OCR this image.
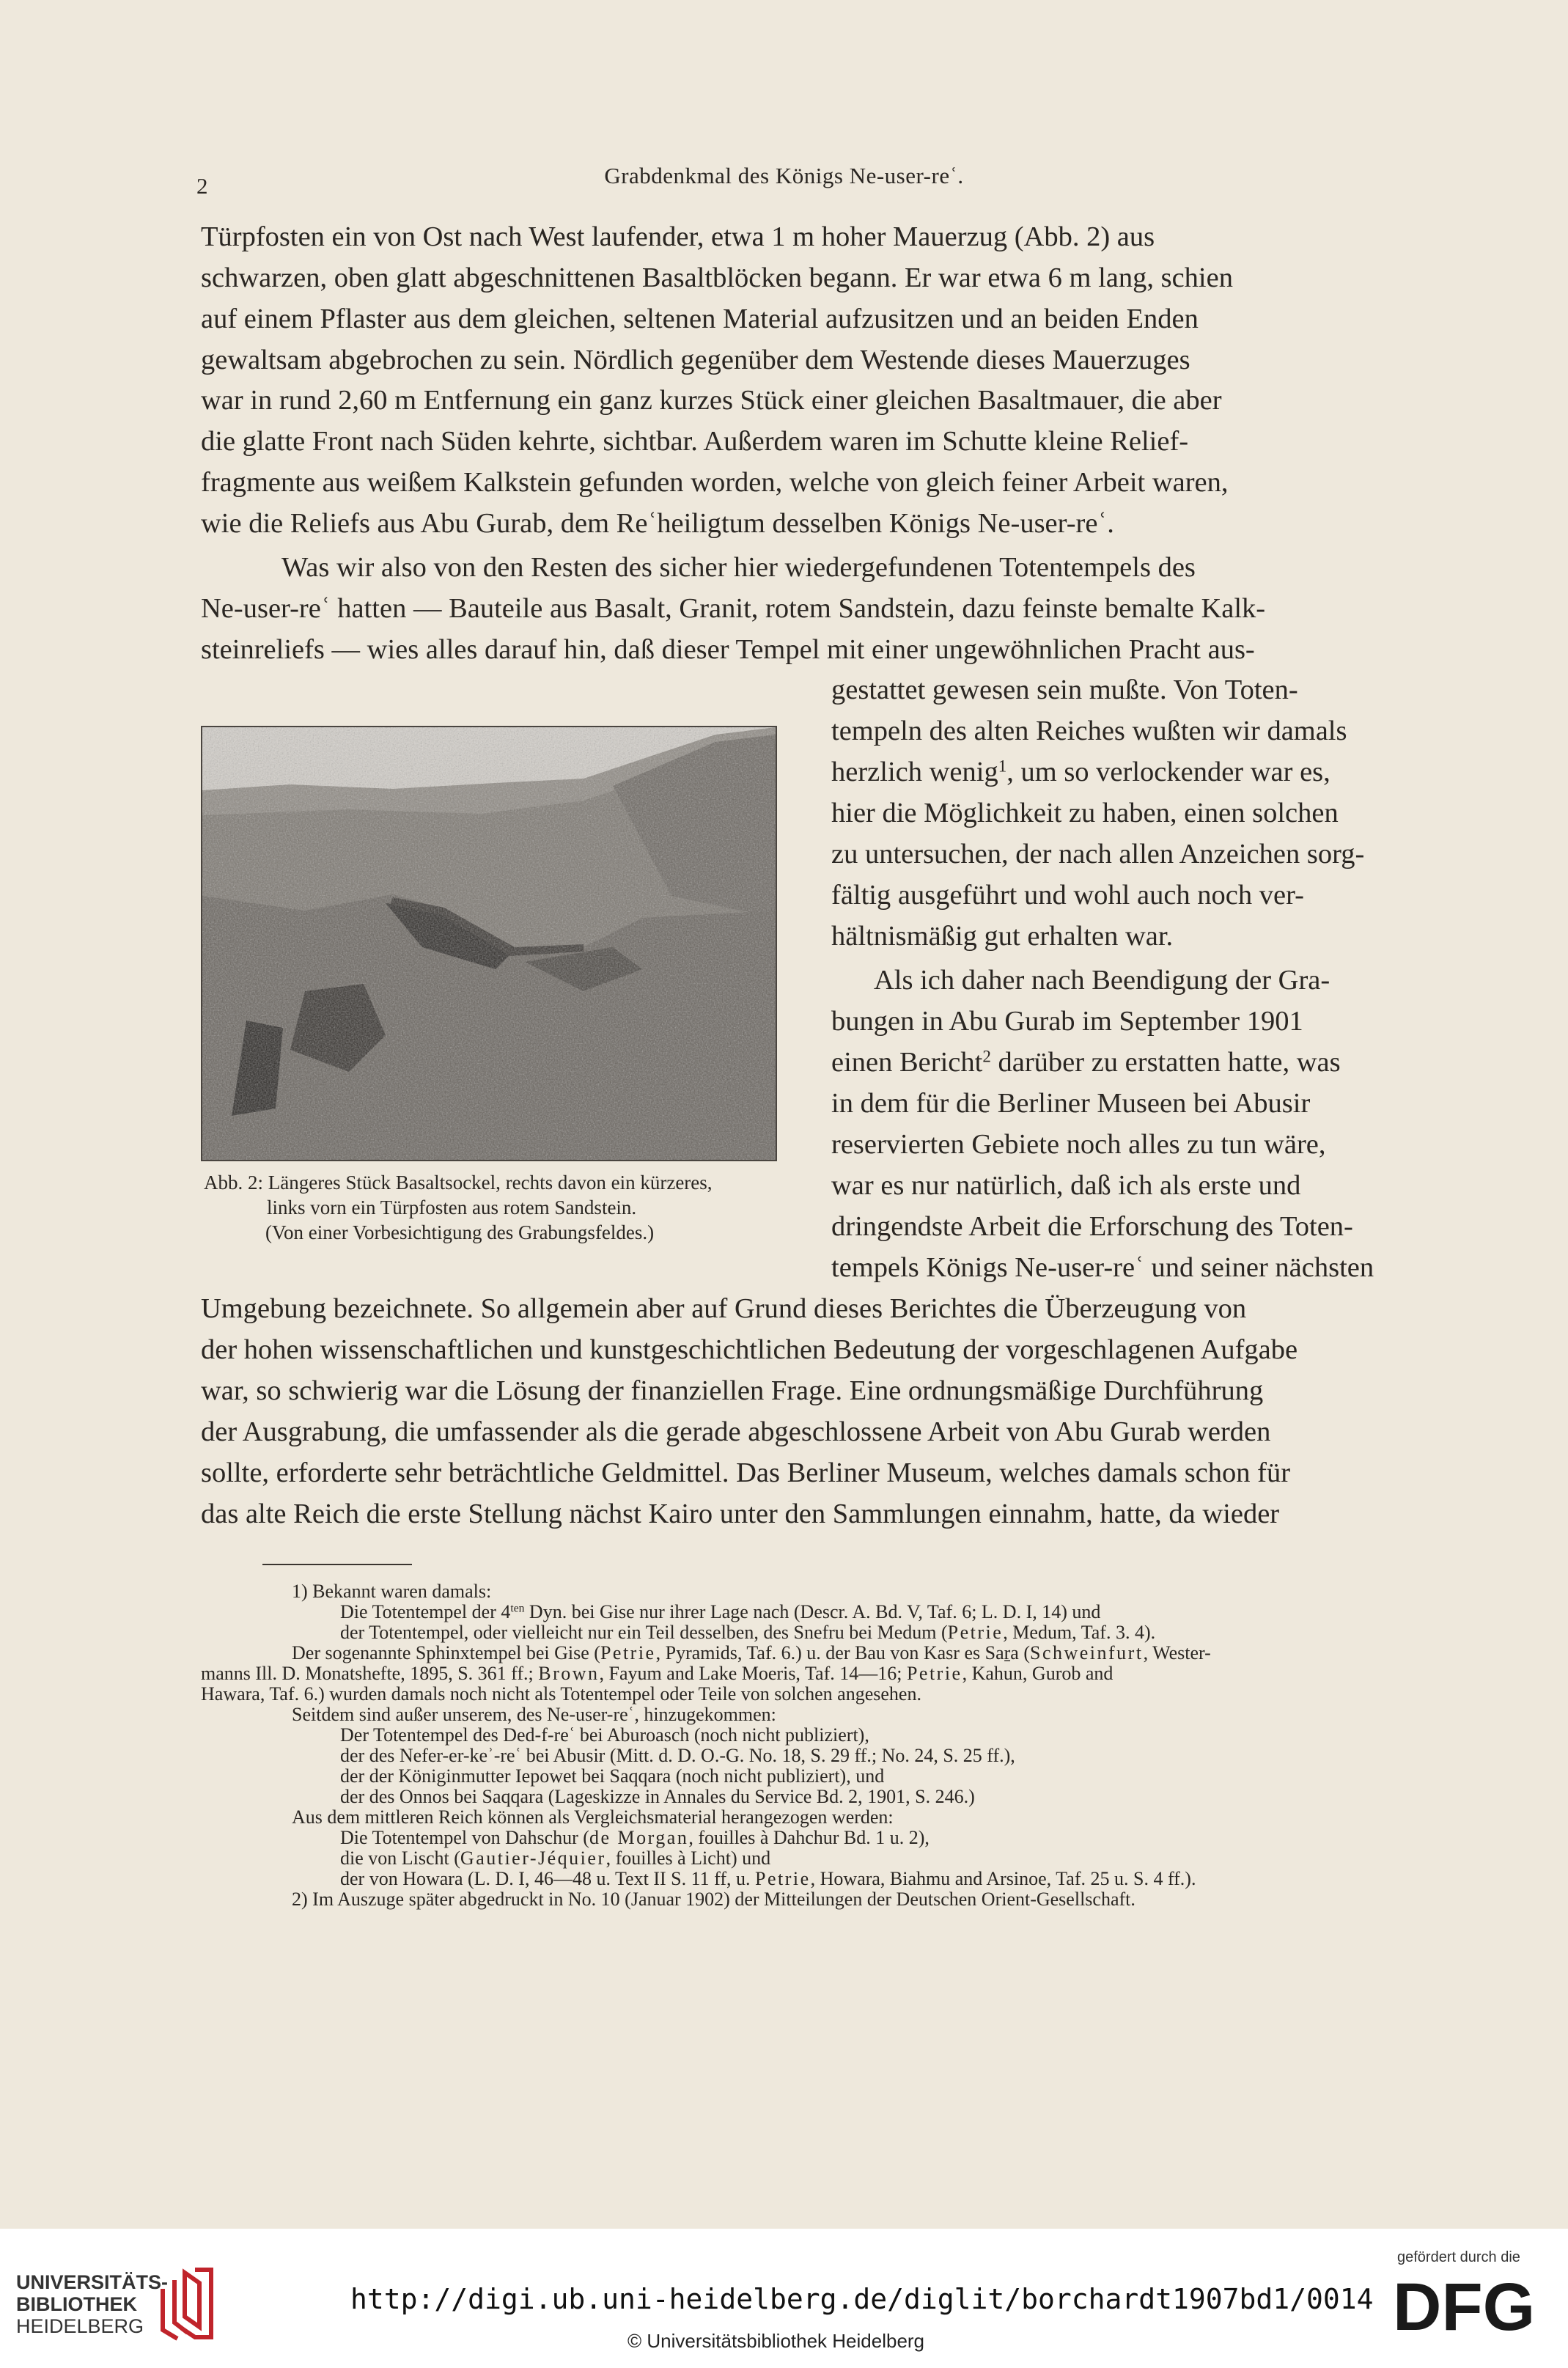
2	Grabdenkmal des Königs Ne-user-reʿ.
Türpfosten ein von Ost nach West laufender, etwa 1 m hoher Mauerzug (Abb. 2) aus
schwarzen, oben glatt abgeschnittenen Basaltblöcken begann. Er war etwa 6 m lang, schien
auf einem Pflaster aus dem gleichen, seltenen Material aufzusitzen und an beiden Enden
gewaltsam abgebrochen zu sein. Nördlich gegenüber dem Westende dieses Mauerzuges
war in rund 2,60 m Entfernung ein ganz kurzes Stück einer gleichen Basaltmauer, die aber
die glatte Front nach Süden kehrte, sichtbar. Außerdem waren im Schutte kleine Relief-
fragmente aus weißem Kalkstein gefunden worden, welche von gleich feiner Arbeit waren,
wie die Reliefs aus Abu Gurab, dem Reʿheiligtum desselben Königs Ne-user-reʿ.
Was wir also von den Resten des sicher hier wiedergefundenen Totentempels des
Ne-user-reʿ hatten — Bauteile aus Basalt, Granit, rotem Sandstein, dazu feinste bemalte Kalk-
steinreliefs — wies alles darauf hin, daß dieser Tempel mit einer ungewöhnlichen Pracht aus-
gestattet gewesen sein mußte. Von Toten-
tempeln des alten Reiches wußten wir damals
herzlich wenig$^1$, um so verlockender war es,
hier die Möglichkeit zu haben, einen solchen
zu untersuchen, der nach allen Anzeichen sorg-
fältig ausgeführt und wohl auch noch ver-
hältnismäßig gut erhalten war.
Als ich daher nach Beendigung der Gra-
bungen in Abu Gurab im September 1901
einen Bericht$^2$ darüber zu erstatten hatte, was
in dem für die Berliner Museen bei Abusir
reservierten Gebiete noch alles zu tun wäre,
war es nur natürlich, daß ich als erste und
dringendste Arbeit die Erforschung des Toten-
tempels Königs Ne-user-reʿ und seiner nächsten
Abb. 2: Längeres Stück Basaltsockel, rechts davon ein kürzeres,
links vorn ein Türpfosten aus rotem Sandstein.
(Von einer Vorbesichtigung des Grabungsfeldes.)
Umgebung bezeichnete. So allgemein aber auf Grund dieses Berichtes die Überzeugung von
der hohen wissenschaftlichen und kunstgeschichtlichen Bedeutung der vorgeschlagenen Aufgabe
war, so schwierig war die Lösung der finanziellen Frage. Eine ordnungsmäßige Durchführung
der Ausgrabung, die umfassender als die gerade abgeschlossene Arbeit von Abu Gurab werden
sollte, erforderte sehr beträchtliche Geldmittel. Das Berliner Museum, welches damals schon für
das alte Reich die erste Stellung nächst Kairo unter den Sammlungen einnahm, hatte, da wieder
1) Bekannt waren damals:
Die Totentempel der $4^{ten}$ Dyn. bei Gise nur ihrer Lage nach (Descr. A. Bd. V, Taf. 6; L. D. I, 14) und
der Totentempel, oder vielleicht nur ein Teil desselben, des Snefru bei Medum (Petrie, Medum, Taf. 3. 4).
Der sogenannte Sphinxtempel bei Gise (Petrie, Pyramids, Taf. 6.) u. der Bau von Kasr es Saṟa (Schweinfurt, Wester-
manns Ill. D. Monatshefte, 1895, S. 361 ff.; Brown, Fayum and Lake Moeris, Taf. 14—16; Petrie, Kahun, Gurob and
Hawara, Taf. 6.) wurden damals noch nicht als Totentempel oder Teile von solchen angesehen.
Seitdem sind außer unserem, des Ne-user-reʿ, hinzugekommen:
Der Totentempel des Ded-f-reʿ bei Aburoasch (noch nicht publiziert),
der des Nefer-er-keʾ-reʿ bei Abusir (Mitt. d. D. O.-G. No. 18, S. 29 ff.; No. 24, S. 25 ff.),
der der Königinmutter Iepowet bei Saqqara (noch nicht publiziert), und
der des Onnos bei Saqqara (Lageskizze in Annales du Service Bd. 2, 1901, S. 246.)
Aus dem mittleren Reich können als Vergleichsmaterial herangezogen werden:
Die Totentempel von Dahschur (de Morgan, fouilles à Dahchur Bd. 1 u. 2),
die von Lischt (Gautier-Jéquier, fouilles à Licht) und
der von Howara (L. D. I, 46—48 u. Text II S. 11 ff, u. Petrie, Howara, Biahmu and Arsinoe, Taf. 25 u. S. 4 ff.).
2) Im Auszuge später abgedruckt in No. 10 (Januar 1902) der Mitteilungen der Deutschen Orient-Gesellschaft.
UNIVERSITÄTS-
BIBLIOTHEK
HEIDELBERG
http://digi.ub.uni-heidelberg.de/diglit/borchardt1907bd1/0014
© Universitätsbibliothek Heidelberg
gefördert durch die
DFG
